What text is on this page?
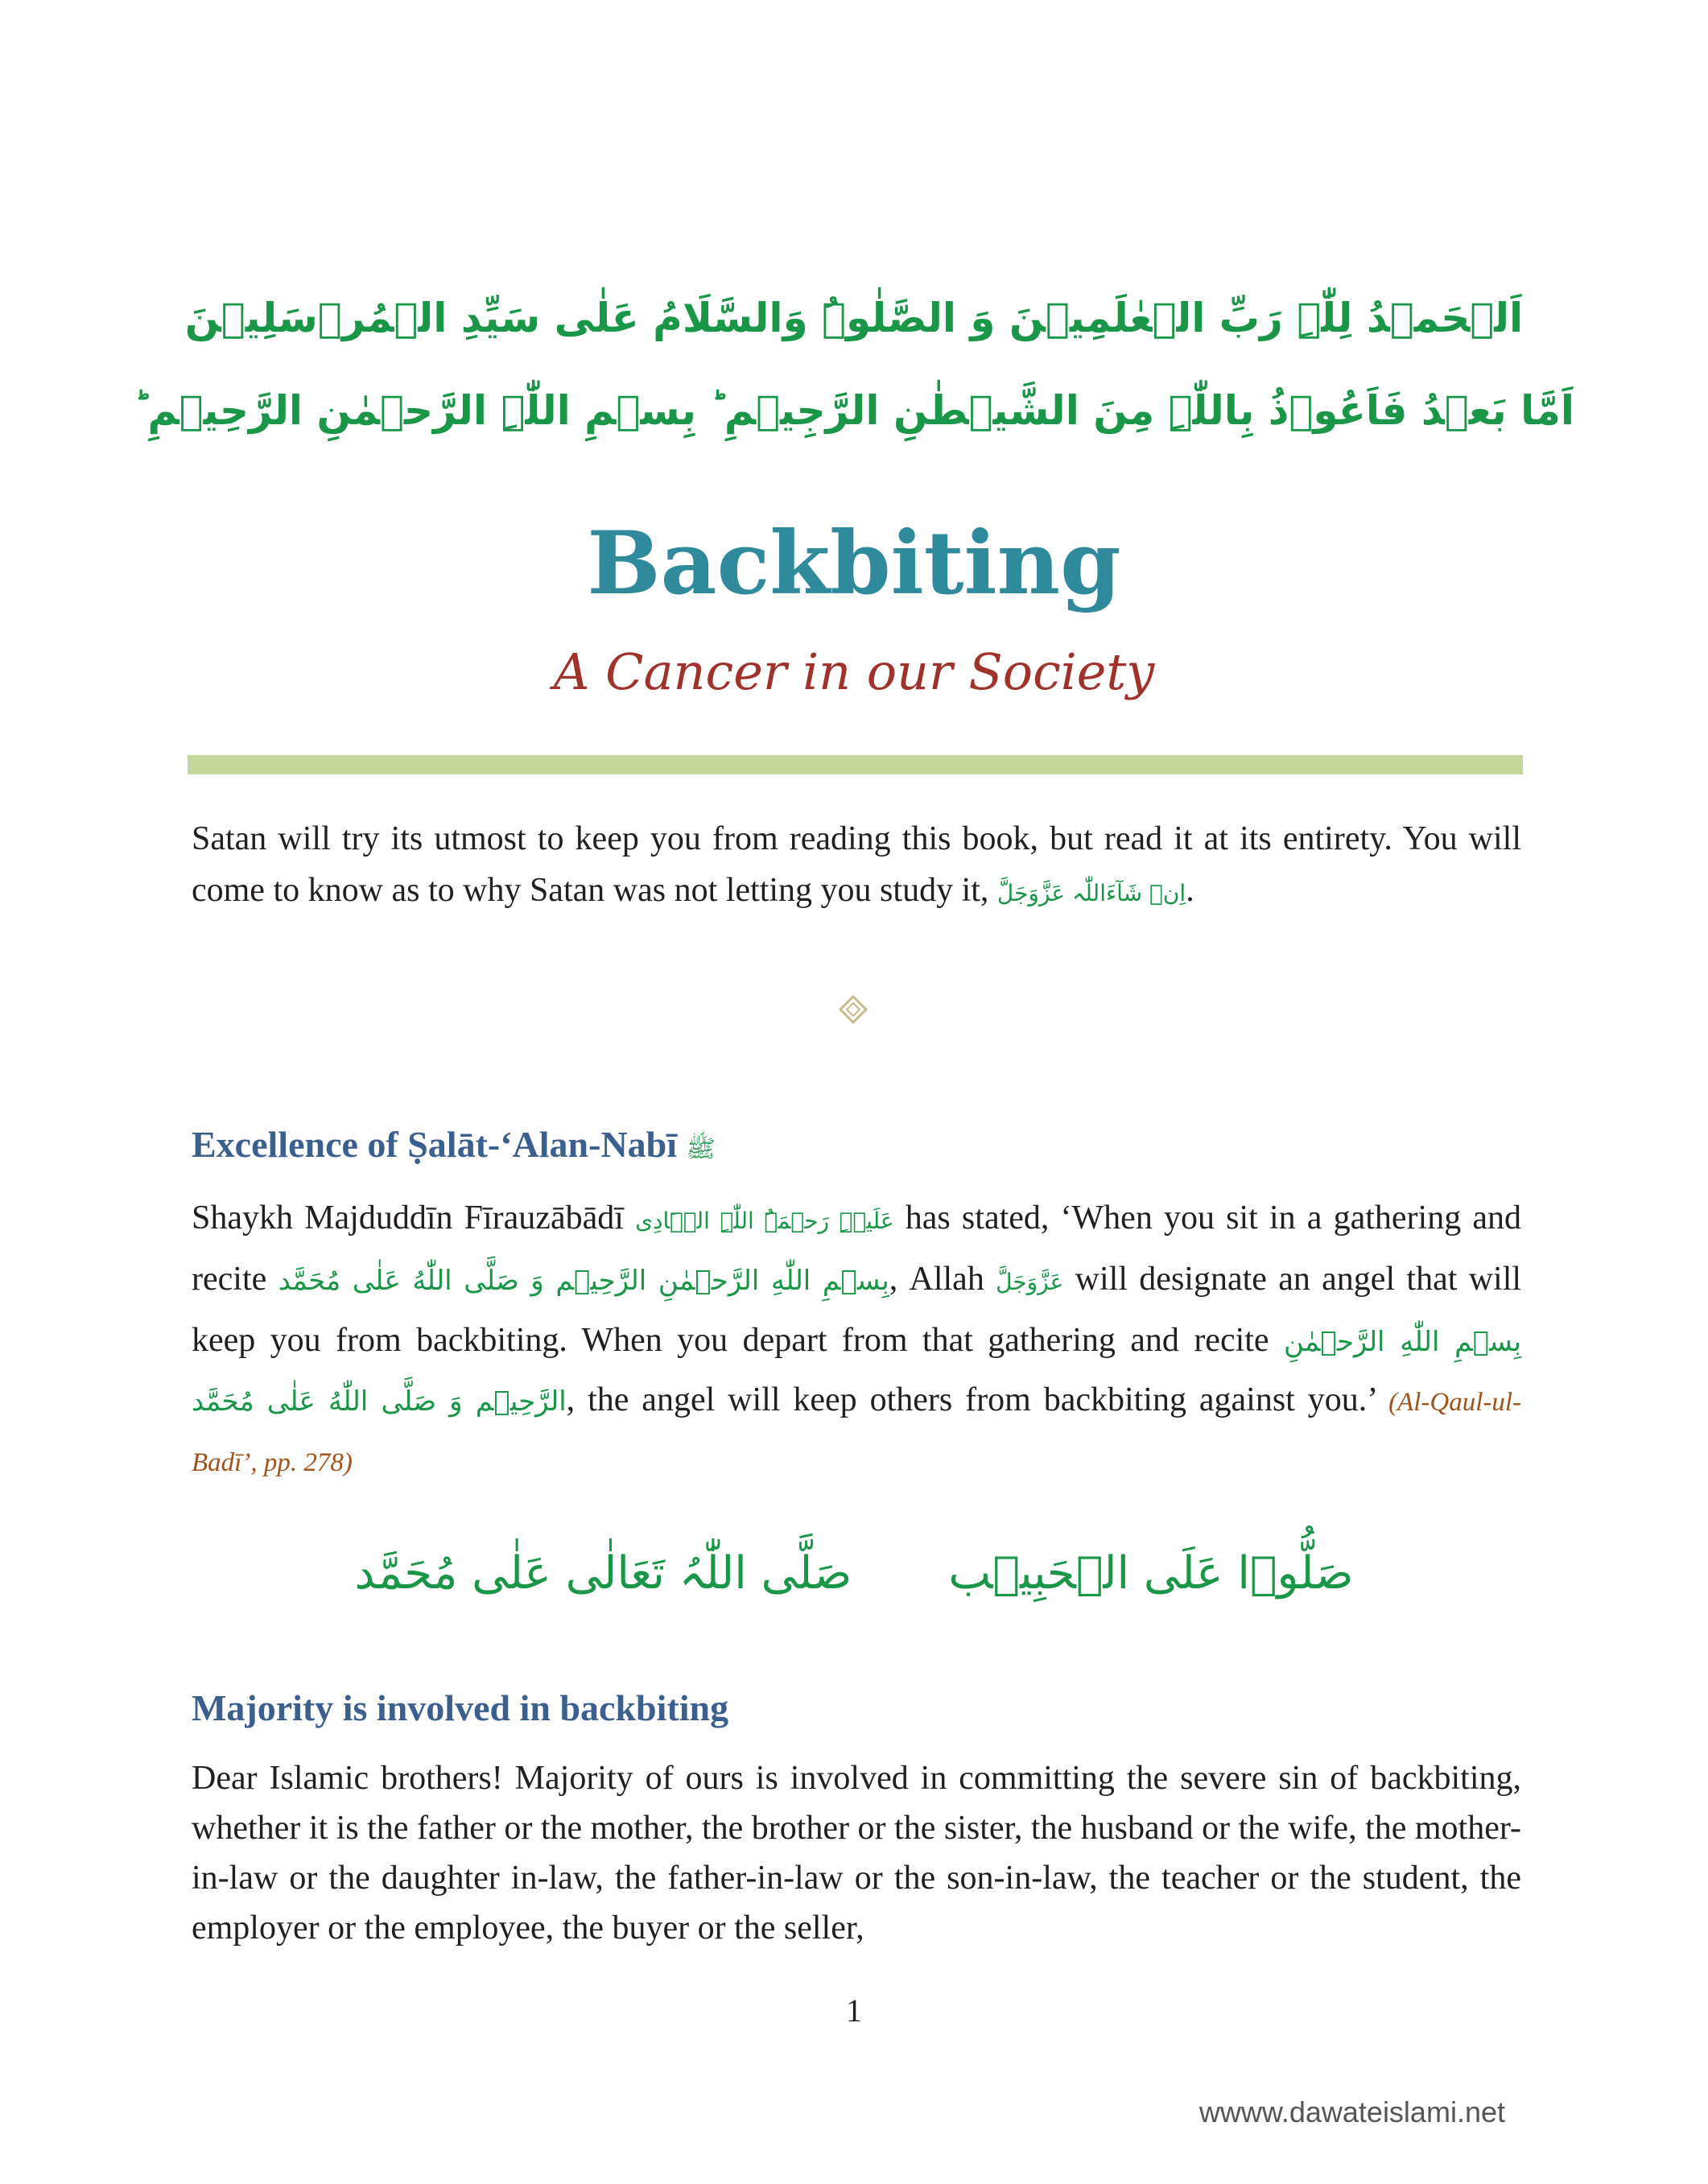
اَلۡحَمۡدُ لِلّٰہِ رَبِّ الۡعٰلَمِیۡنَ وَ الصَّلٰوۃُ وَالسَّلَامُ عَلٰی سَیِّدِ الۡمُرۡسَلِیۡنَ
اَمَّا بَعۡدُ فَاَعُوۡذُ بِاللّٰہِ مِنَ الشَّیۡطٰنِ الرَّجِیۡمِ ؕ بِسۡمِ اللّٰہِ الرَّحۡمٰنِ الرَّحِیۡمِ ؕ
Backbiting
A Cancer in our Society

Satan will try its utmost to keep you from reading this book, but read it at its entirety. You will come to know as to why Satan was not letting you study it, اِنۡ شَآءَاللّٰہ عَزَّوَجَلَّ.

Excellence of Ṣalāt-‘Alan-Nabī ﷺ

Shaykh Majduddīn Fīrauzābādī عَلَیۡہِ رَحۡمَۃُ اللّٰہِ الۡہَادِی has stated, ‘When you sit in a gathering and recite بِسۡمِ اللّٰهِ الرَّحۡمٰنِ الرَّحِيۡم وَ صَلَّى اللّٰهُ عَلٰى مُحَمَّد, Allah عَزَّوَجَلَّ will designate an angel that will keep you from backbiting. When you depart from that gathering and recite بِسۡمِ اللّٰهِ الرَّحۡمٰنِ الرَّحِيۡم وَ صَلَّى اللّٰهُ عَلٰى مُحَمَّد, the angel will keep others from backbiting against you.’ (Al-Qaul-ul-Badī’, pp. 278)

صَلُّوۡا عَلَی الۡحَبِیۡبصَلَّی اللّٰہُ تَعَالٰی عَلٰی مُحَمَّد
Majority is involved in backbiting

Dear Islamic brothers! Majority of ours is involved in committing the severe sin of backbiting, whether it is the father or the mother, the brother or the sister, the husband or the wife, the mother-in-law or the daughter in-law, the father-in-law or the son-in-law, the teacher or the student, the employer or the employee, the buyer or the seller,

1
wwww.dawateislami.net
